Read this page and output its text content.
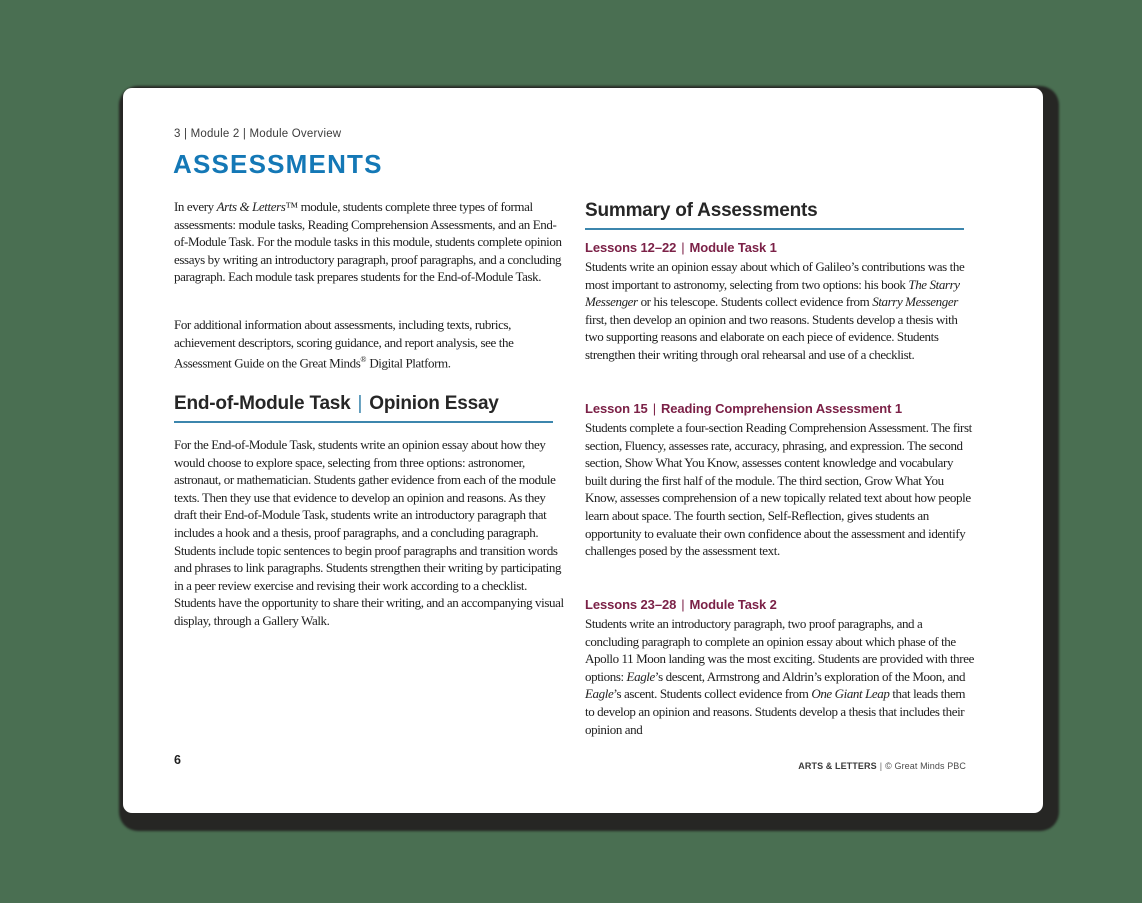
3 | Module 2 | Module Overview
ASSESSMENTS

In every Arts & Letters™ module, students complete three types of formal assessments: module tasks, Reading Comprehension Assessments, and an End-of-Module Task. For the module tasks in this module, students complete opinion essays by writing an introductory paragraph, proof paragraphs, and a concluding paragraph. Each module task prepares students for the End-of-Module Task.

For additional information about assessments, including texts, rubrics, achievement descriptors, scoring guidance, and report analysis, see the Assessment Guide on the Great Minds® Digital Platform.

End-of-Module Task | Opinion Essay

For the End-of-Module Task, students write an opinion essay about how they would choose to explore space, selecting from three options: astronomer, astronaut, or mathematician. Students gather evidence from each of the module texts. Then they use that evidence to develop an opinion and reasons. As they draft their End-of-Module Task, students write an introductory paragraph that includes a hook and a thesis, proof paragraphs, and a concluding paragraph. Students include topic sentences to begin proof paragraphs and transition words and phrases to link paragraphs. Students strengthen their writing by participating in a peer review exercise and revising their work according to a checklist. Students have the opportunity to share their writing, and an accompanying visual display, through a Gallery Walk.

Summary of Assessments
Lessons 12–22 | Module Task 1

Students write an opinion essay about which of Galileo’s contributions was the most important to astronomy, selecting from two options: his book The Starry Messenger or his telescope. Students collect evidence from Starry Messenger first, then develop an opinion and two reasons. Students develop a thesis with two supporting reasons and elaborate on each piece of evidence. Students strengthen their writing through oral rehearsal and use of a checklist.

Lesson 15 | Reading Comprehension Assessment 1

Students complete a four-section Reading Comprehension Assessment. The first section, Fluency, assesses rate, accuracy, phrasing, and expression. The second section, Show What You Know, assesses content knowledge and vocabulary built during the first half of the module. The third section, Grow What You Know, assesses comprehension of a new topically related text about how people learn about space. The fourth section, Self-Reflection, gives students an opportunity to evaluate their own confidence about the assessment and identify challenges posed by the assessment text.

Lessons 23–28 | Module Task 2

Students write an introductory paragraph, two proof paragraphs, and a concluding paragraph to complete an opinion essay about which phase of the Apollo 11 Moon landing was the most exciting. Students are provided with three options: Eagle’s descent, Armstrong and Aldrin’s exploration of the Moon, and Eagle’s ascent. Students collect evidence from One Giant Leap that leads them to develop an opinion and reasons. Students develop a thesis that includes their opinion and

6	ARTS & LETTERS | © Great Minds PBC
